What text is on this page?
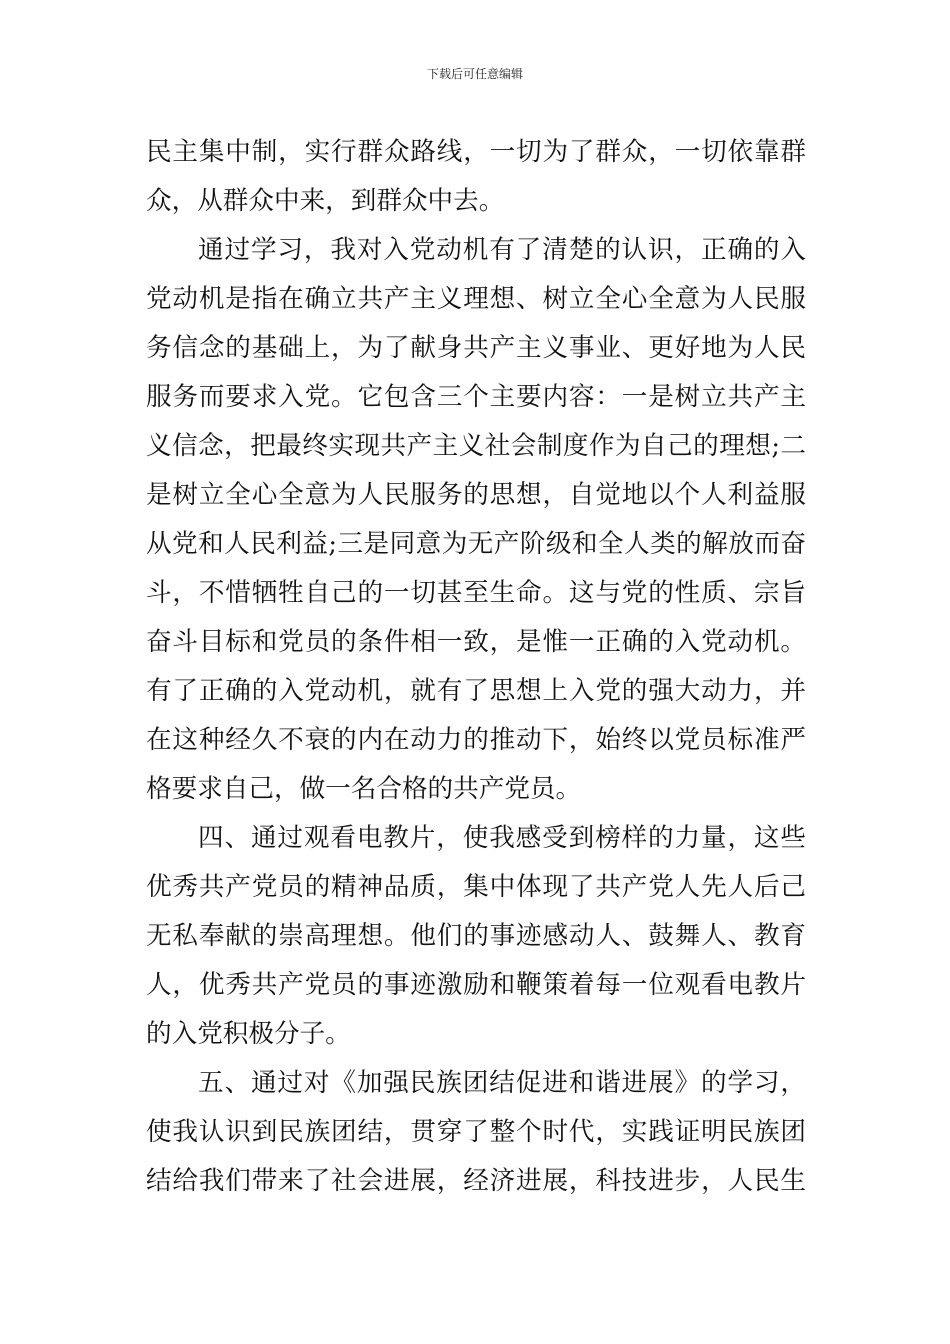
下载后可任意编辑
民主集中制，实行群众路线，一切为了群众，一切依靠群
众，从群众中来，到群众中去。
通过学习，我对入党动机有了清楚的认识，正确的入
党动机是指在确立共产主义理想、树立全心全意为人民服
务信念的基础上，为了献身共产主义事业、更好地为人民
服务而要求入党。它包含三个主要内容：一是树立共产主
义信念，把最终实现共产主义社会制度作为自己的理想;二
是树立全心全意为人民服务的思想，自觉地以个人利益服
从党和人民利益;三是同意为无产阶级和全人类的解放而奋
斗，不惜牺牲自己的一切甚至生命。这与党的性质、宗旨
奋斗目标和党员的条件相一致，是惟一正确的入党动机。
有了正确的入党动机，就有了思想上入党的强大动力，并
在这种经久不衰的内在动力的推动下，始终以党员标准严
格要求自己，做一名合格的共产党员。
四、通过观看电教片，使我感受到榜样的力量，这些
优秀共产党员的精神品质，集中体现了共产党人先人后己
无私奉献的崇高理想。他们的事迹感动人、鼓舞人、教育
人，优秀共产党员的事迹激励和鞭策着每一位观看电教片
的入党积极分子。
五、通过对《加强民族团结促进和谐进展》的学习，
使我认识到民族团结，贯穿了整个时代，实践证明民族团
结给我们带来了社会进展，经济进展，科技进步，人民生
